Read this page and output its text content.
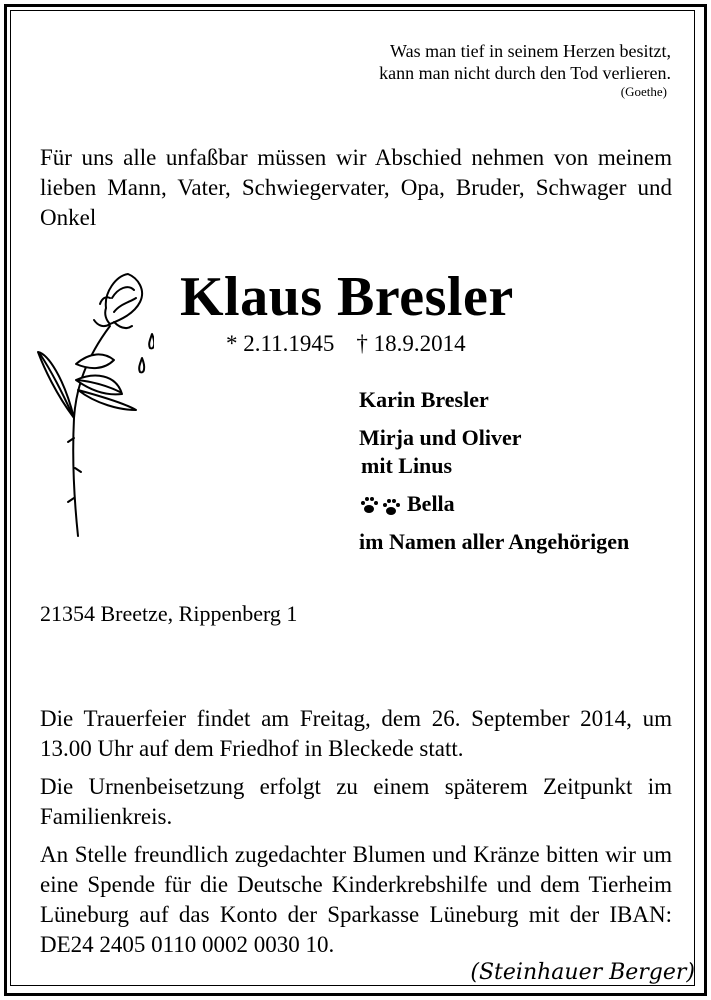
Was man tief in seinem Herzen besitzt,
kann man nicht durch den Tod verlieren.
(Goethe)
Für uns alle unfaßbar müssen wir Abschied nehmen von meinem lieben Mann, Vater, Schwiegervater, Opa, Bruder, Schwager und Onkel
Klaus Bresler
* 2.11.1945 † 18.9.2014
Karin Bresler
Mirja und Oliver
mit Linus
Bella
im Namen aller Angehörigen
21354 Breetze, Rippenberg 1

Die Trauerfeier findet am Freitag, dem 26. September 2014, um 13.00 Uhr auf dem Friedhof in Bleckede statt.

Die Urnenbeisetzung erfolgt zu einem späterem Zeitpunkt im Familienkreis.

An Stelle freundlich zugedachter Blumen und Kränze bitten wir um eine Spende für die Deutsche Kinderkrebshilfe und dem Tierheim Lüneburg auf das Konto der Sparkasse Lüneburg mit der IBAN: DE24 2405 0110 0002 0030 10.

(Steinhauer Berger)
